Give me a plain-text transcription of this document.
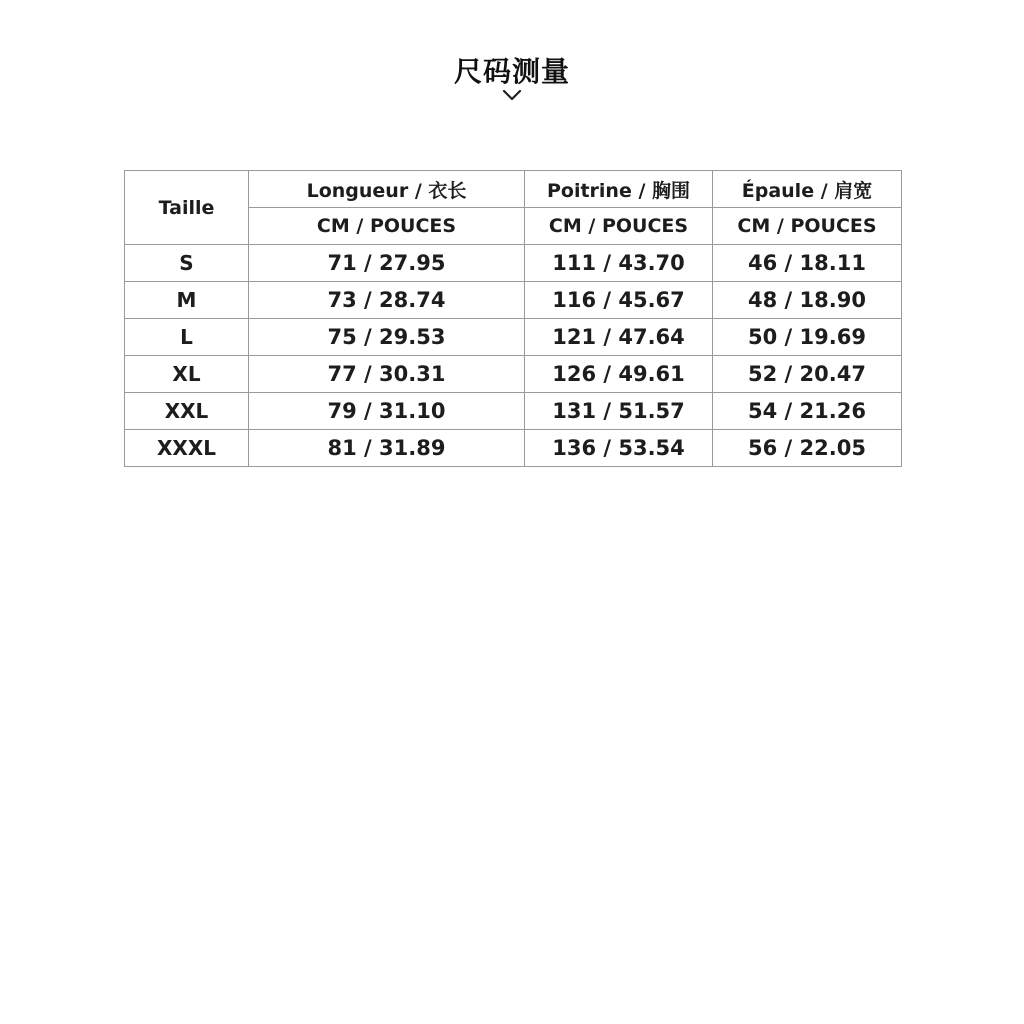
尺码测量
Taille	Longueur / 衣长	Poitrine / 胸围	Épaule / 肩宽
	CM / POUCES	CM / POUCES	CM / POUCES
S	71 / 27.95	111 / 43.70	46 / 18.11
M	73 / 28.74	116 / 45.67	48 / 18.90
L	75 / 29.53	121 / 47.64	50 / 19.69
XL	77 / 30.31	126 / 49.61	52 / 20.47
XXL	79 / 31.10	131 / 51.57	54 / 21.26
XXXL	81 / 31.89	136 / 53.54	56 / 22.05
